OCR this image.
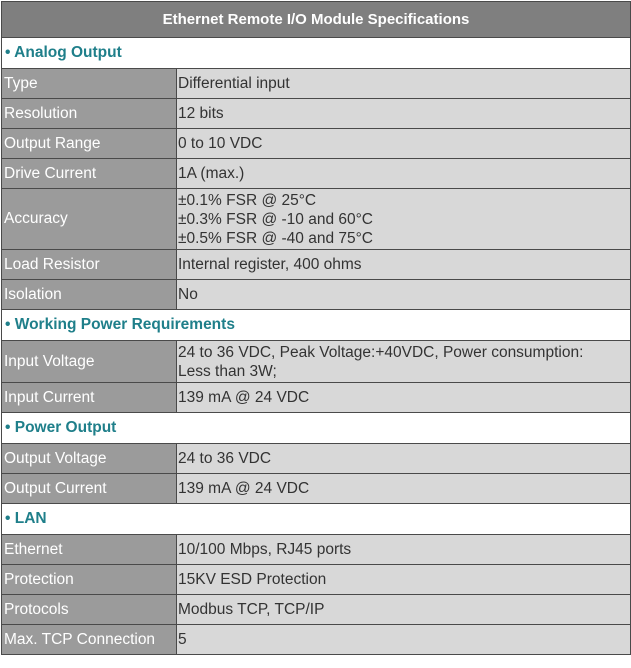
Ethernet Remote I/O Module Specifications	
• Analog Output	
Type	Differential input
Resolution	12 bits
Output Range	0 to 10 VDC
Drive Current	1A (max.)
Accuracy	±0.1% FSR @ 25°C
±0.3% FSR @ -10 and 60°C
±0.5% FSR @ -40 and 75°C

Load Resistor	Internal register, 400 ohms
Isolation	No
• Working Power Requirements	
Input Voltage	24 to 36 VDC, Peak Voltage:+40VDC, Power consumption:
Less than 3W;

Input Current	139 mA @ 24 VDC
• Power Output	
Output Voltage	24 to 36 VDC
Output Current	139 mA @ 24 VDC
• LAN	
Ethernet	10/100 Mbps, RJ45 ports
Protection	15KV ESD Protection
Protocols	Modbus TCP, TCP/IP
Max. TCP Connection	5
